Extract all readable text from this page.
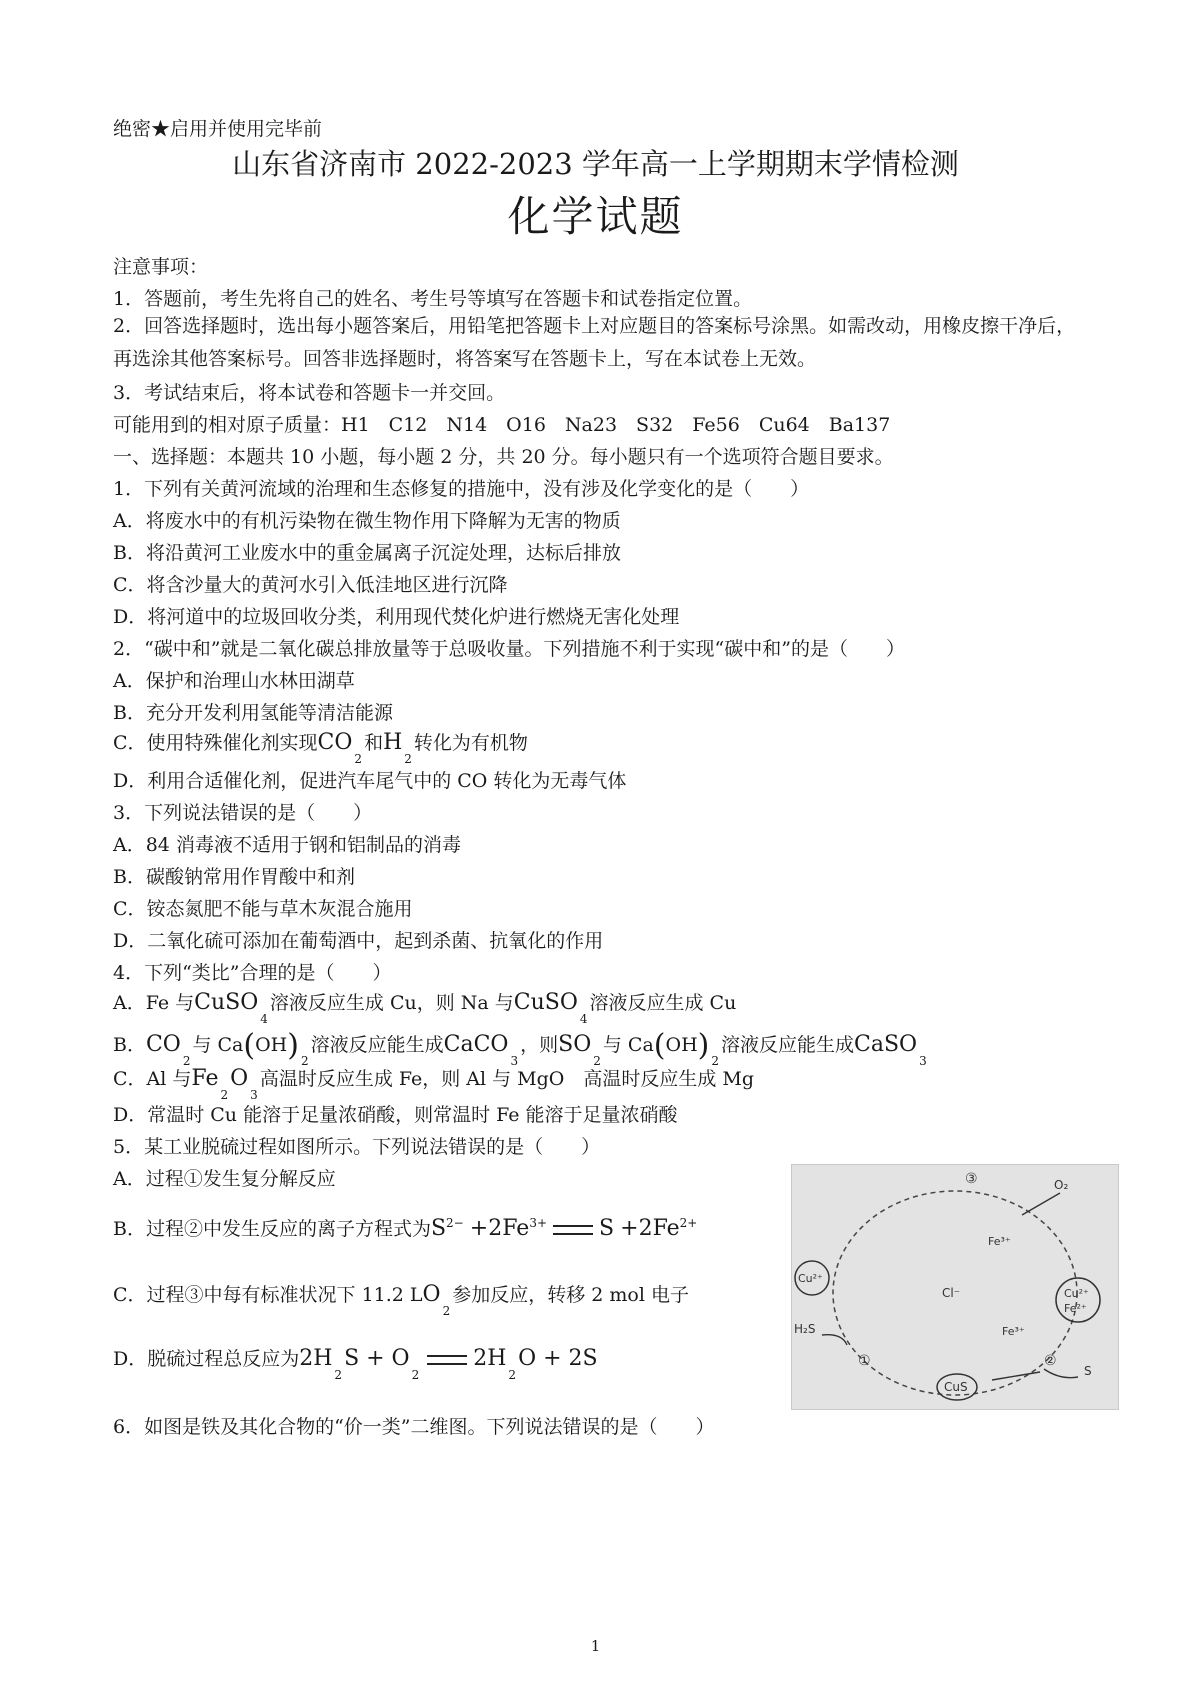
绝密★启用并使用完毕前
山东省济南市 2022-2023 学年高一上学期期末学情检测
化学试题
注意事项：
1．答题前，考生先将自己的姓名、考生号等填写在答题卡和试卷指定位置。
2．回答选择题时，选出每小题答案后，用铅笔把答题卡上对应题目的答案标号涂黑。如需改动，用橡皮擦干净后，再选涂其他答案标号。回答非选择题时，将答案写在答题卡上，写在本试卷上无效。
3．考试结束后，将本试卷和答题卡一并交回。
可能用到的相对原子质量：H1　C12　N14　O16　Na23　S32　Fe56　Cu64　Ba137
一、选择题：本题共 10 小题，每小题 2 分，共 20 分。每小题只有一个选项符合题目要求。
1．下列有关黄河流域的治理和生态修复的措施中，没有涉及化学变化的是（　　）
A．将废水中的有机污染物在微生物作用下降解为无害的物质
B．将沿黄河工业废水中的重金属离子沉淀处理，达标后排放
C．将含沙量大的黄河水引入低洼地区进行沉降
D．将河道中的垃圾回收分类，利用现代焚化炉进行燃烧无害化处理
2．“碳中和”就是二氧化碳总排放量等于总吸收量。下列措施不利于实现“碳中和”的是（　　）
A．保护和治理山水林田湖草
B．充分开发利用氢能等清洁能源
C．使用特殊催化剂实现$CO_2$和$H_2$转化为有机物
D．利用合适催化剂，促进汽车尾气中的 CO 转化为无毒气体
3．下列说法错误的是（　　）
A．84 消毒液不适用于钢和铝制品的消毒
B．碳酸钠常用作胃酸中和剂
C．铵态氮肥不能与草木灰混合施用
D．二氧化硫可添加在葡萄酒中，起到杀菌、抗氧化的作用
4．下列“类比”合理的是（　　）
A．Fe 与CuSO$_4$溶液反应生成 Cu，则 Na 与CuSO$_4$溶液反应生成 Cu
B．$CO_2$与 Ca(OH) $_2$溶液反应能生成CaCO$_3$，则$SO_2$与 Ca(OH) $_2$溶液反应能生成CaSO$_3$
C．Al 与$Fe_2O_3$高温时反应生成 Fe，则 Al 与 MgO　高温时反应生成 Mg
D．常温时 Cu 能溶于足量浓硝酸，则常温时 Fe 能溶于足量浓硝酸
5．某工业脱硫过程如图所示。下列说法错误的是（　　）
A．过程①发生复分解反应
B．过程②中发生反应的离子方程式为$S^{2-} +2Fe^{3+}$ $S +2Fe^{2+}$
C．过程③中每有标准状况下 11.2 $LO_2$参加反应，转移 2 mol 电子
D．脱硫过程总反应为$2H_2S + O_22H_2O + 2S$
6．如图是铁及其化合物的“价一类”二维图。下列说法错误的是（　　）
③	O₂
Fe³⁺
Cu²⁺
Cl⁻	Cu²⁺
Fe²⁺
H₂S	Fe³⁺
①
CuS
②
S
1
